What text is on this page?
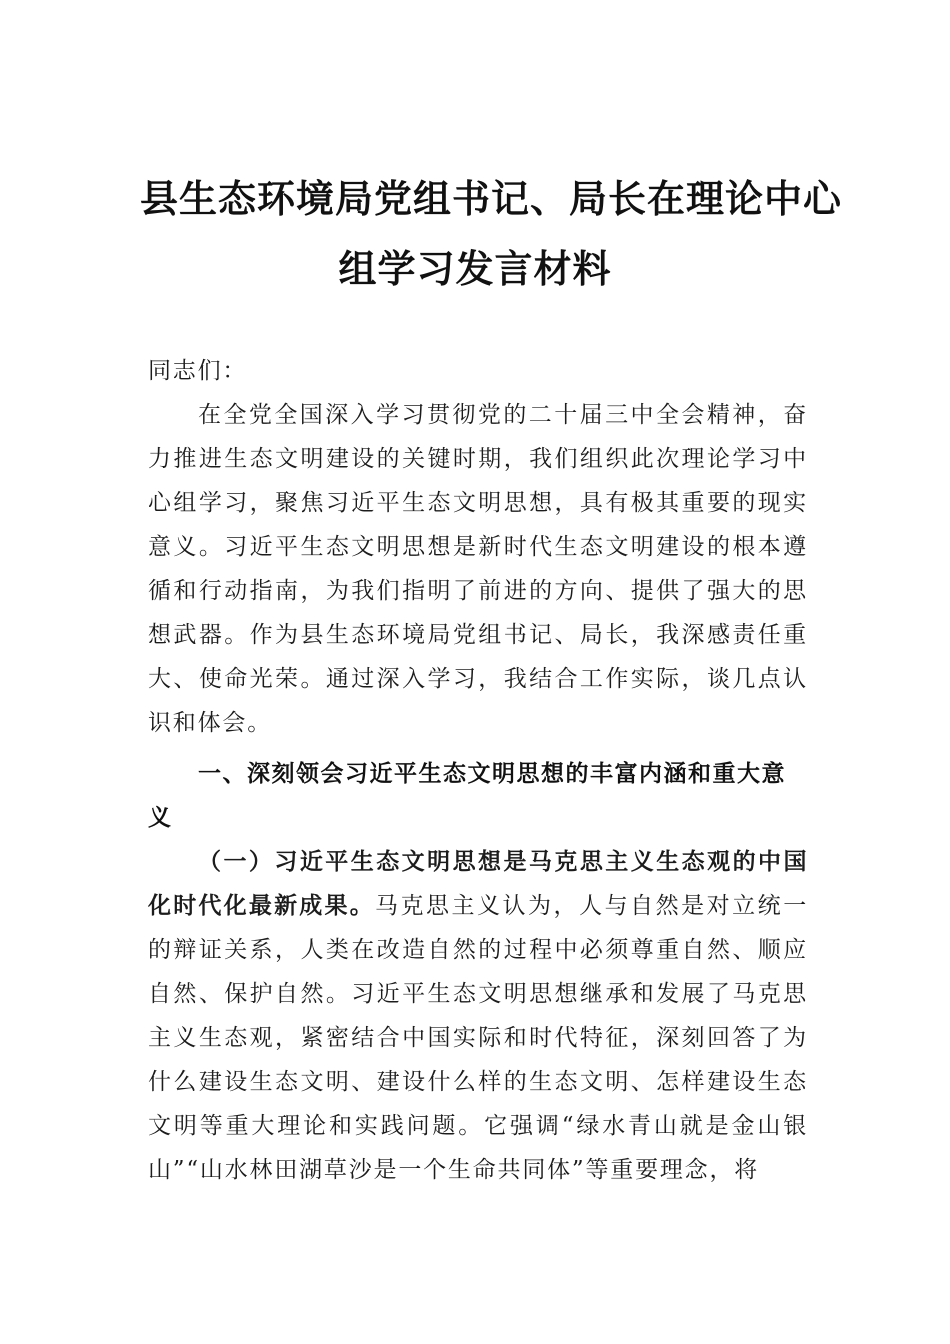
县生态环境局党组书记、局长在理论中心
组学习发言材料
同志们：
在全党全国深入学习贯彻党的二十届三中全会精神，奋力推进生态文明建设的关键时期，我们组织此次理论学习中心组学习，聚焦习近平生态文明思想，具有极其重要的现实意义。习近平生态文明思想是新时代生态文明建设的根本遵循和行动指南，为我们指明了前进的方向、提供了强大的思想武器。作为县生态环境局党组书记、局长，我深感责任重大、使命光荣。通过深入学习，我结合工作实际，谈几点认识和体会。
一、深刻领会习近平生态文明思想的丰富内涵和重大意义
（一）习近平生态文明思想是马克思主义生态观的中国化时代化最新成果。马克思主义认为，人与自然是对立统一的辩证关系，人类在改造自然的过程中必须尊重自然、顺应自然、保护自然。习近平生态文明思想继承和发展了马克思主义生态观，紧密结合中国实际和时代特征，深刻回答了为什么建设生态文明、建设什么样的生态文明、怎样建设生态文明等重大理论和实践问题。它强调“绿水青山就是金山银山”“山水林田湖草沙是一个生命共同体”等重要理念，将
